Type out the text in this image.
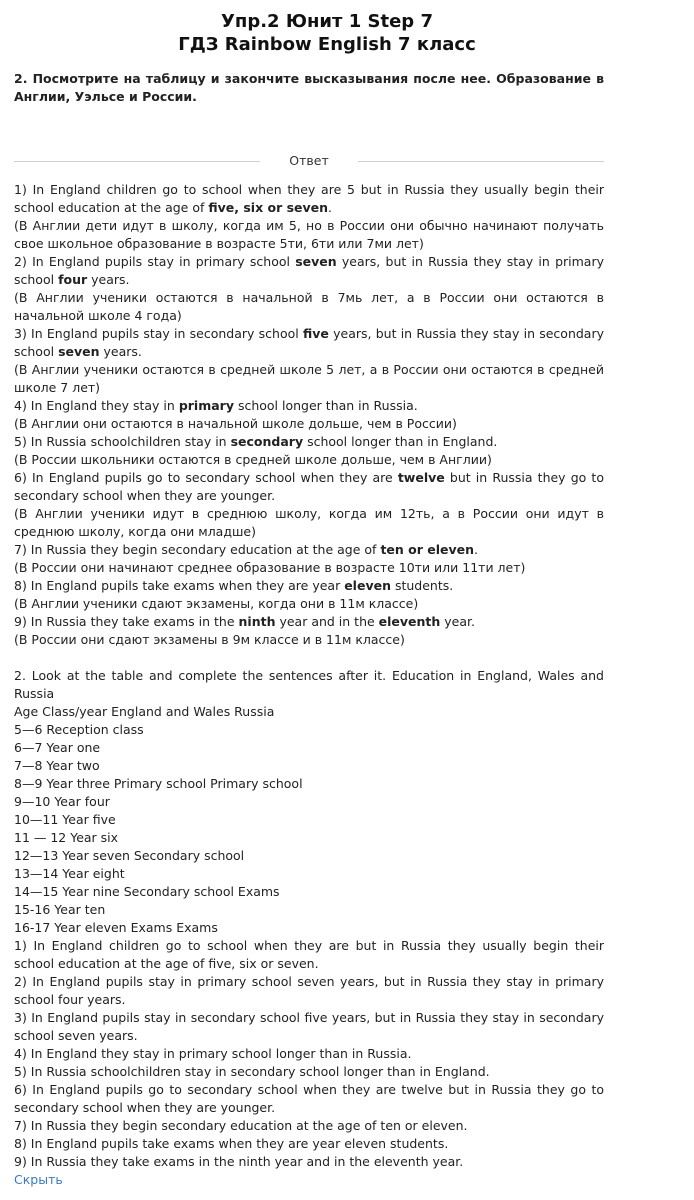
Упр.2 Юнит 1 Step 7
ГДЗ Rainbow English 7 класс
2. Посмотрите на таблицу и закончите высказывания после нее. Образование в Англии, Уэльсе и России.
Ответ

1) In England children go to school when they are 5 but in Russia they usually begin their school education at the age of five, six or seven.

(В Англии дети идут в школу, когда им 5, но в России они обычно начинают получать свое школьное образование в возрасте 5ти, 6ти или 7ми лет)

2) In England pupils stay in primary school seven years, but in Russia they stay in primary school four years.

(В Англии ученики остаются в начальной в 7мь лет, а в России они остаются в начальной школе 4 года)

3) In England pupils stay in secondary school five years, but in Russia they stay in secondary school seven years.

(В Англии ученики остаются в средней школе 5 лет, а в России они остаются в средней школе 7 лет)

4) In England they stay in primary school longer than in Russia.

(В Англии они остаются в начальной школе дольше, чем в России)

5) In Russia schoolchildren stay in secondary school longer than in England.

(В России школьники остаются в средней школе дольше, чем в Англии)

6) In England pupils go to secondary school when they are twelve but in Russia they go to secondary school when they are younger.

(В Англии ученики идут в среднюю школу, когда им 12ть, а в России они идут в среднюю школу, когда они младше)

7) In Russia they begin secondary education at the age of ten or eleven.

(В России они начинают среднее образование в возрасте 10ти или 11ти лет)

8) In England pupils take exams when they are year eleven students.

(В Англии ученики сдают экзамены, когда они в 11м классе)

9) In Russia they take exams in the ninth year and in the eleventh year.

(В России они сдают экзамены в 9м классе и в 11м классе)

2. Look at the table and complete the sentences after it. Education in England, Wales and Russia

Age Class/year England and Wales Russia

5—6 Reception class

6—7 Year one

7—8 Year two

8—9 Year three Primary school Primary school

9—10 Year four

10—11 Year five

11 — 12 Year six

12—13 Year seven Secondary school

13—14 Year eight

14—15 Year nine Secondary school Exams

15-16 Year ten

16-17 Year eleven Exams Exams

1) In England children go to school when they are but in Russia they usually begin their school education at the age of five, six or seven.

2) In England pupils stay in primary school seven years, but in Russia they stay in primary school four years.

3) In England pupils stay in secondary school five years, but in Russia they stay in secondary school seven years.

4) In England they stay in primary school longer than in Russia.

5) In Russia schoolchildren stay in secondary school longer than in England.

6) In England pupils go to secondary school when they are twelve but in Russia they go to secondary school when they are younger.

7) In Russia they begin secondary education at the age of ten or eleven.

8) In England pupils take exams when they are year eleven students.

9) In Russia they take exams in the ninth year and in the eleventh year.

Скрыть
